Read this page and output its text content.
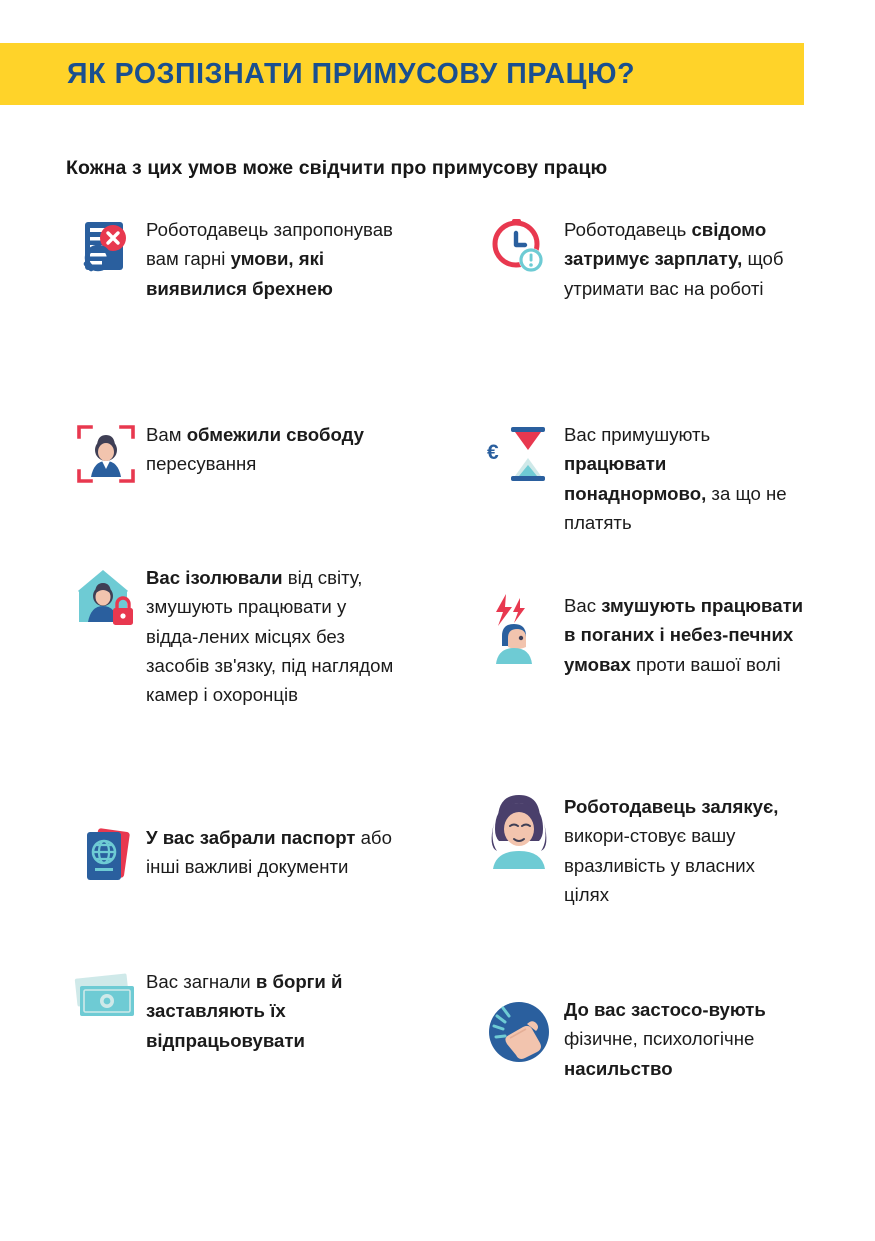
ЯК РОЗПІЗНАТИ ПРИМУСОВУ ПРАЦЮ?
Кожна з цих умов може свідчити про примусову працю
Роботодавець запропонував вам гарні умови, які виявилися брехнею
Вам обмежили свободу пересування
Вас ізолювали від світу, змушують працювати у відда-лених місцях без засобів зв'язку, під наглядом камер і охоронців
У вас забрали паспорт або інші важливі документи
Вас загнали в борги й заставляють їх відпрацьовувати
Роботодавець свідомо затримує зарплату, щоб утримати вас на роботі
€
Вас примушують працювати понаднормово, за що не платять
Вас змушують працювати в поганих і небез-печних умовах проти вашої волі
Роботодавець залякує, викори-стовує вашу вразливість у власних цілях
До вас застосо-вують фізичне, психологічне насильство
